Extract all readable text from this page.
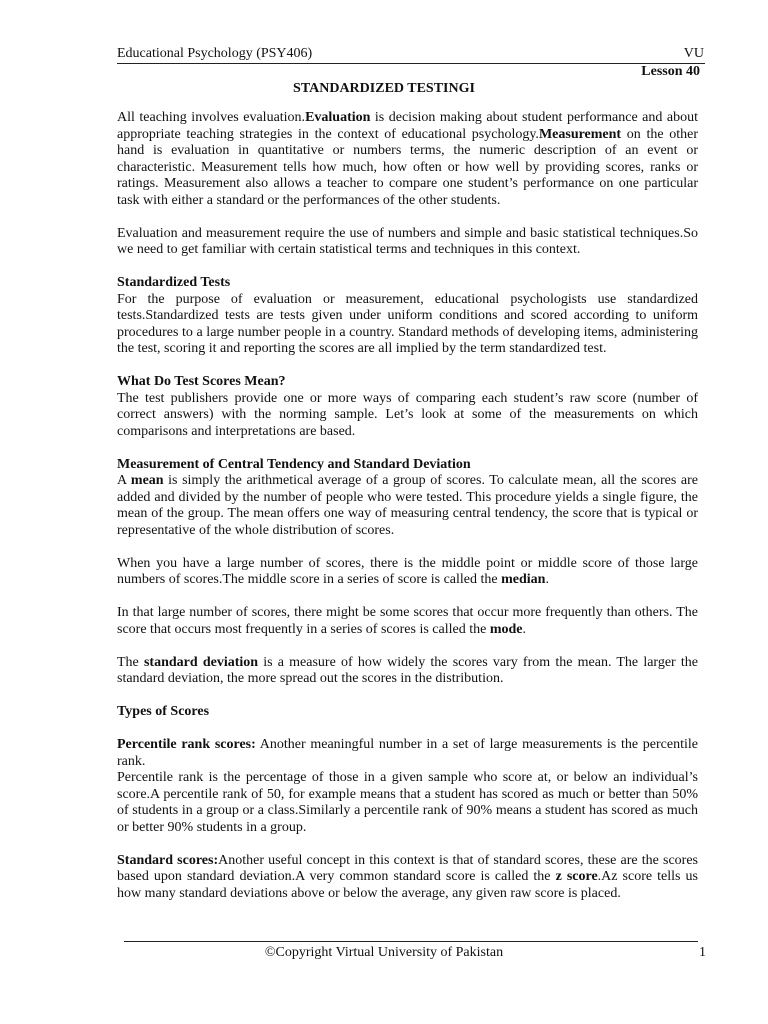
Educational Psychology (PSY406)	VU
Lesson 40
STANDARDIZED TESTINGI

All teaching involves evaluation.Evaluation is decision making about student performance and about appropriate teaching strategies in the context of educational psychology.Measurement on the other hand is evaluation in quantitative or numbers terms, the numeric description of an event or characteristic. Measurement tells how much, how often or how well by providing scores, ranks or ratings. Measurement also allows a teacher to compare one student’s performance on one particular task with either a standard or the performances of the other students.

Evaluation and measurement require the use of numbers and simple and basic statistical techniques.So we need to get familiar with certain statistical terms and techniques in this context.

Standardized Tests

For the purpose of evaluation or measurement, educational psychologists use standardized tests.Standardized tests are tests given under uniform conditions and scored according to uniform procedures to a large number people in a country. Standard methods of developing items, administering the test, scoring it and reporting the scores are all implied by the term standardized test.

What Do Test Scores Mean?

The test publishers provide one or more ways of comparing each student’s raw score (number of correct answers) with the norming sample. Let’s look at some of the measurements on which comparisons and interpretations are based.

Measurement of Central Tendency and Standard Deviation

A mean is simply the arithmetical average of a group of scores. To calculate mean, all the scores are added and divided by the number of people who were tested. This procedure yields a single figure, the mean of the group. The mean offers one way of measuring central tendency, the score that is typical or representative of the whole distribution of scores.

When you have a large number of scores, there is the middle point or middle score of those large numbers of scores.The middle score in a series of score is called the median.

In that large number of scores, there might be some scores that occur more frequently than others. The score that occurs most frequently in a series of scores is called the mode.

The standard deviation is a measure of how widely the scores vary from the mean. The larger the standard deviation, the more spread out the scores in the distribution.

Types of Scores

Percentile rank scores: Another meaningful number in a set of large measurements is the percentile rank.

Percentile rank is the percentage of those in a given sample who score at, or below an individual’s score.A percentile rank of 50, for example means that a student has scored as much or better than 50% of students in a group or a class.Similarly a percentile rank of 90% means a student has scored as much or better 90% students in a group.

Standard scores:Another useful concept in this context is that of standard scores, these are the scores based upon standard deviation.A very common standard score is called the z score.Az score tells us how many standard deviations above or below the average, any given raw score is placed.

©Copyright Virtual University of Pakistan	1
